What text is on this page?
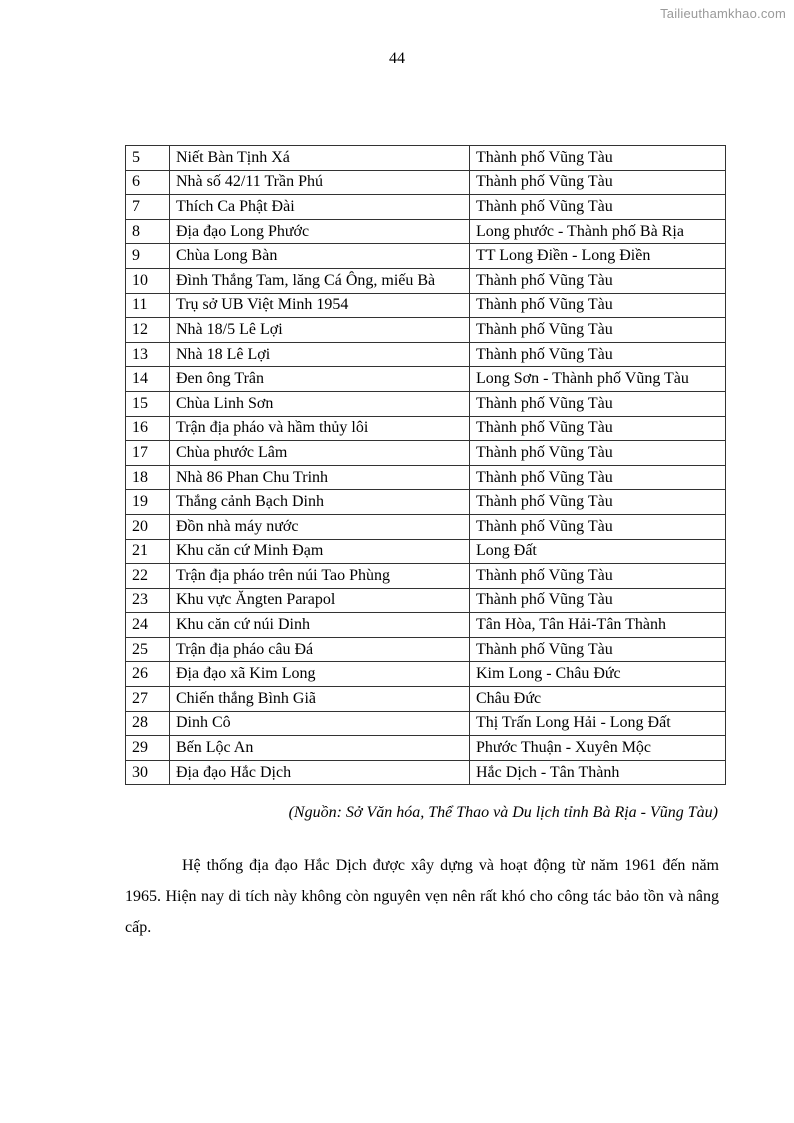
Tailieuthamkhao.com
44
5	Niết Bàn Tịnh Xá	Thành phố Vũng Tàu
6	Nhà số 42/11 Trần Phú	Thành phố Vũng Tàu
7	Thích Ca Phật Đài	Thành phố Vũng Tàu
8	Địa đạo Long Phước	Long phước - Thành phố Bà Rịa
9	Chùa Long Bàn	TT Long Điền - Long Điền
10	Đình Thắng Tam, lăng Cá Ông, miếu Bà	Thành phố Vũng Tàu
11	Trụ sở UB Việt Minh 1954	Thành phố Vũng Tàu
12	Nhà 18/5 Lê Lợi	Thành phố Vũng Tàu
13	Nhà 18 Lê Lợi	Thành phố Vũng Tàu
14	Đen ông Trân	Long Sơn - Thành phố Vũng Tàu
15	Chùa Linh Sơn	Thành phố Vũng Tàu
16	Trận địa pháo và hầm thủy lôi	Thành phố Vũng Tàu
17	Chùa phước Lâm	Thành phố Vũng Tàu
18	Nhà 86 Phan Chu Trinh	Thành phố Vũng Tàu
19	Thắng cảnh Bạch Dinh	Thành phố Vũng Tàu
20	Đồn nhà máy nước	Thành phố Vũng Tàu
21	Khu căn cứ Minh Đạm	Long Đất
22	Trận địa pháo trên núi Tao Phùng	Thành phố Vũng Tàu
23	Khu vực Ăngten Parapol	Thành phố Vũng Tàu
24	Khu căn cứ núi Dinh	Tân Hòa, Tân Hải-Tân Thành
25	Trận địa pháo câu Đá	Thành phố Vũng Tàu
26	Địa đạo xã Kim Long	Kim Long - Châu Đức
27	Chiến thắng Bình Giã	Châu Đức
28	Dinh Cô	Thị Trấn Long Hải - Long Đất
29	Bến Lộc An	Phước Thuận - Xuyên Mộc
30	Địa đạo Hắc Dịch	Hắc Dịch - Tân Thành
(Nguồn: Sở Văn hóa, Thể Thao và Du lịch tỉnh Bà Rịa - Vũng Tàu)

Hệ thống địa đạo Hắc Dịch được xây dựng và hoạt động từ năm 1961 đến năm 1965. Hiện nay di tích này không còn nguyên vẹn nên rất khó cho công tác bảo tồn và nâng cấp.
